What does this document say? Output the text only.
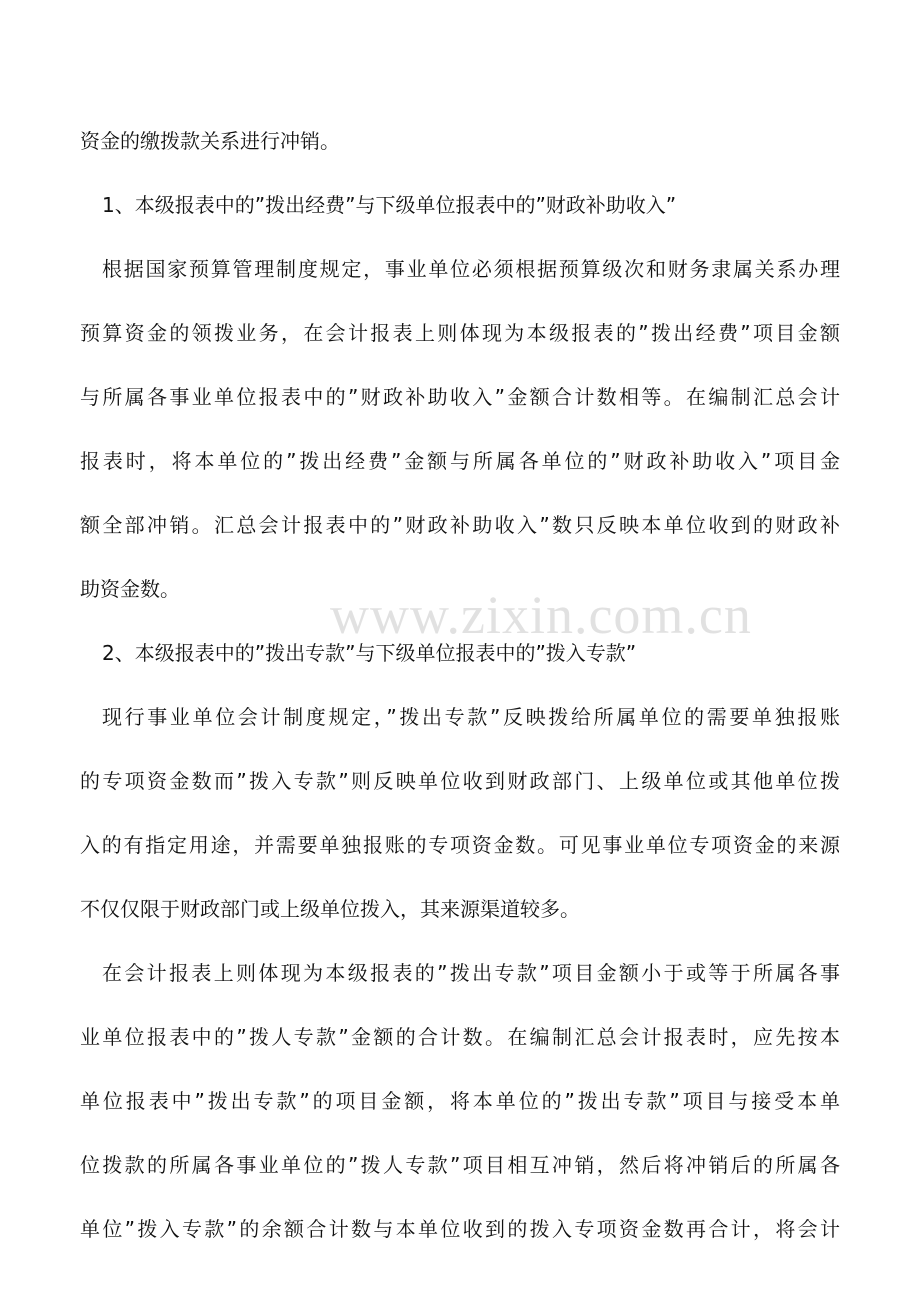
www.zixin.com.cn
资金的缴拨款关系进行冲销。
1、本级报表中的”拨出经费”与下级单位报表中的”财政补助收入”
根据国家预算管理制度规定，事业单位必须根据预算级次和财务隶属关系办理
预算资金的领拨业务，在会计报表上则体现为本级报表的”拨出经费”项目金额
与所属各事业单位报表中的”财政补助收入”金额合计数相等。在编制汇总会计
报表时，将本单位的”拨出经费”金额与所属各单位的”财政补助收入”项目金
额全部冲销。汇总会计报表中的”财政补助收入”数只反映本单位收到的财政补
助资金数。
2、本级报表中的”拨出专款”与下级单位报表中的”拨入专款”
现行事业单位会计制度规定，”拨出专款”反映拨给所属单位的需要单独报账
的专项资金数而”拨入专款”则反映单位收到财政部门、上级单位或其他单位拨
入的有指定用途，并需要单独报账的专项资金数。可见事业单位专项资金的来源
不仅仅限于财政部门或上级单位拨入，其来源渠道较多。
在会计报表上则体现为本级报表的”拨出专款”项目金额小于或等于所属各事
业单位报表中的”拨人专款”金额的合计数。在编制汇总会计报表时，应先按本
单位报表中”拨出专款”的项目金额，将本单位的”拨出专款”项目与接受本单
位拨款的所属各事业单位的”拨人专款”项目相互冲销，然后将冲销后的所属各
单位”拨入专款”的余额合计数与本单位收到的拨入专项资金数再合计，将会计
